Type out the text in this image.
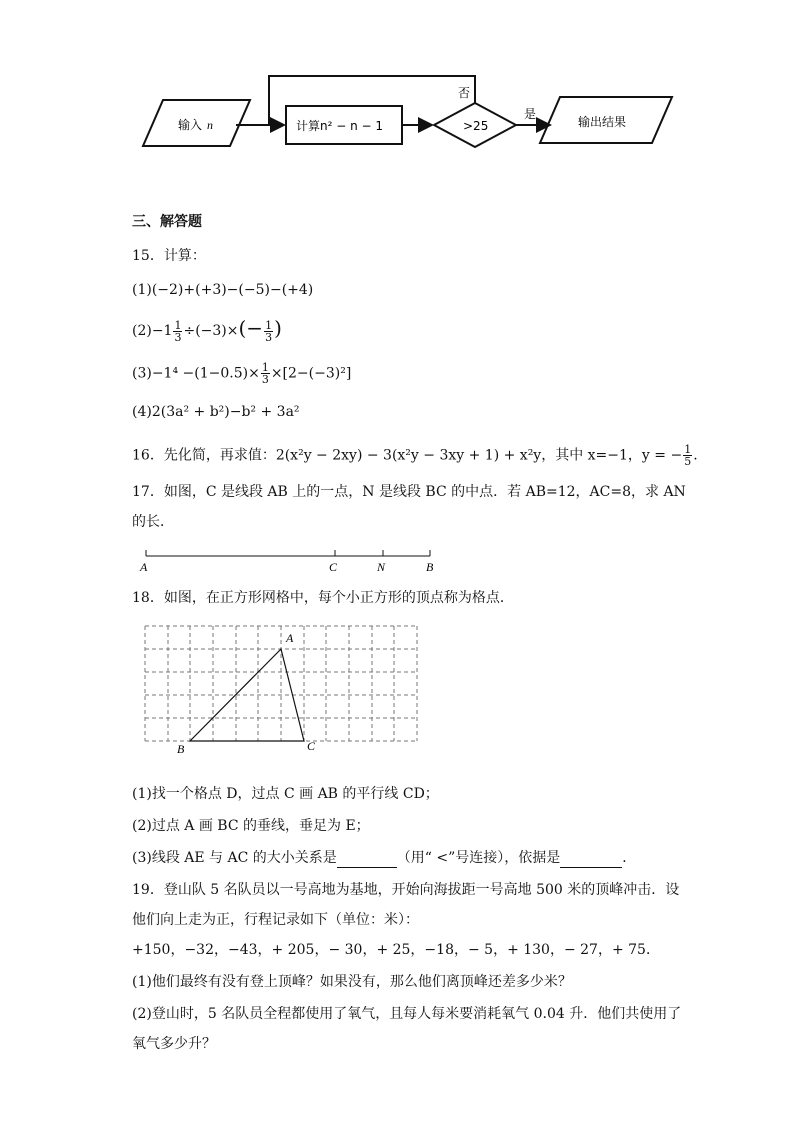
输入 n	计算n² − n − 1	>25
否
是
输出结果
三、解答题
15．计算：
(1)(−2)+(+3)−(−5)−(+4)
$(2)-1 \frac{1}{3} \div(-3)\times(- \frac{1}{3}$ )
$(3)-1^4 -(1-0.5)\times \frac{1}{3} \times[2-(-3)^2]$
(4)2(3a² + b²)−b² + 3a²
16．先化简，再求值：2(x²y − 2xy) − 3(x²y − 3xy + 1) + x²y，其中 x=−1，y = − $\frac{1}{5}$ .
17．如图，C 是线段 AB 上的一点，N 是线段 BC 的中点．若 AB=12，AC=8，求 AN
的长．
A	C	N	B
18．如图，在正方形网格中，每个小正方形的顶点称为格点．
A
B	C
(1)找一个格点 D，过点 C 画 AB 的平行线 CD；
(2)过点 A 画 BC 的垂线，垂足为 E；
(3)线段 AE 与 AC 的大小关系是	（用“ <”号连接），依据是	．
19．登山队 5 名队员以一号高地为基地，开始向海拔距一号高地 500 米的顶峰冲击．设
他们向上走为正，行程记录如下（单位：米）：
+150，−32，−43，+ 205，− 30，+ 25，−18，− 5，+ 130，− 27，+ 75．
(1)他们最终有没有登上顶峰？如果没有，那么他们离顶峰还差多少米？
(2)登山时，5 名队员全程都使用了氧气，且每人每米要消耗氧气 0.04 升．他们共使用了
氧气多少升？
